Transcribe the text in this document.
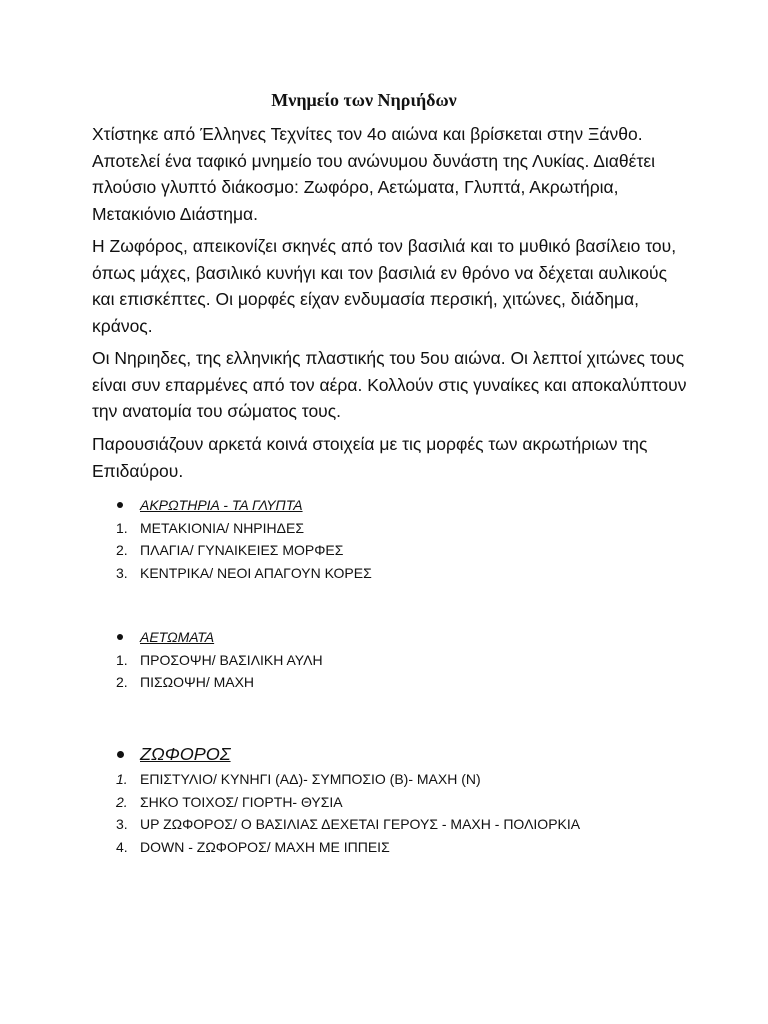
Μνημείο των Νηριήδων

Χτίστηκε από Έλληνες Τεχνίτες τον 4ο αιώνα και βρίσκεται στην Ξάνθο. Αποτελεί ένα ταφικό μνημείο του ανώνυμου δυνάστη της Λυκίας. Διαθέτει πλούσιο γλυπτό διάκοσμο: Ζωφόρο, Αετώματα, Γλυπτά, Ακρωτήρια, Μετακιόνιο Διάστημα.

Η Ζωφόρος, απεικονίζει σκηνές από τον βασιλιά και το μυθικό βασίλειο του, όπως μάχες, βασιλικό κυνήγι και τον βασιλιά εν θρόνο να δέχεται αυλικούς και επισκέπτες. Οι μορφές είχαν ενδυμασία περσική, χιτώνες, διάδημα, κράνος.

Οι Νηριηδες, της ελληνικής πλαστικής του 5ου αιώνα. Οι λεπτοί χιτώνες τους είναι συν επαρμένες από τον αέρα. Κολλούν στις γυναίκες και αποκαλύπτουν την ανατομία του σώματος τους.

Παρουσιάζουν αρκετά κοινά στοιχεία με τις μορφές των ακρωτήριων της Επιδαύρου.

ΑΚΡΩΤΗΡΙΑ - ΤΑ ΓΛΥΠΤΑ
1. ΜΕΤΑΚΙΟΝΙΑ/ ΝΗΡΙΗΔΕΣ
2. ΠΛΑΓΙΑ/ ΓΥΝΑΙΚΕΙΕΣ ΜΟΡΦΕΣ
3. ΚΕΝΤΡΙΚΑ/ ΝΕΟΙ ΑΠΑΓΟΥΝ ΚΟΡΕΣ
ΑΕΤΩΜΑΤΑ
1. ΠΡΟΣΟΨΗ/ ΒΑΣΙΛΙΚΗ ΑΥΛΗ
2. ΠΙΣΩΟΨΗ/ ΜΑΧΗ
ΖΩΦΟΡΟΣ
1. ΕΠΙΣΤΥΛΙΟ/ ΚΥΝΗΓΙ (ΑΔ)- ΣΥΜΠΟΣΙΟ (Β)- ΜΑΧΗ (Ν)
2. ΣΗΚΟ ΤΟΙΧΟΣ/ ΓΙΟΡΤΗ- ΘΥΣΙΑ
3. UP ΖΩΦΟΡΟΣ/ Ο ΒΑΣΙΛΙΑΣ ΔΕΧΕΤΑΙ ΓΕΡΟΥΣ - ΜΑΧΗ - ΠΟΛΙΟΡΚΙΑ
4. DOWN - ΖΩΦΟΡΟΣ/ ΜΑΧΗ ΜΕ ΙΠΠΕΙΣ
